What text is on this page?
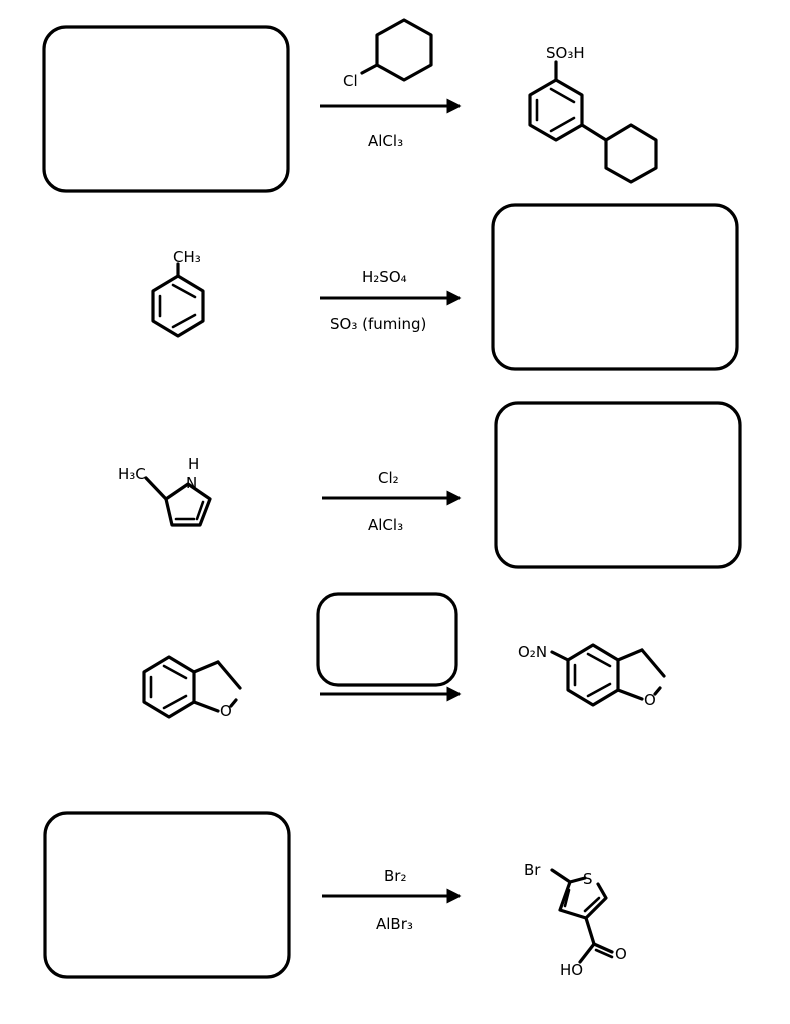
Cl
AlCl₃
SO₃H
CH₃
H₂SO₄
SO₃ (fuming)
H₃C
H
N	Cl₂
AlCl₃
O
O₂N
O
Br₂
AlBr₃
Br	S
O
HO
